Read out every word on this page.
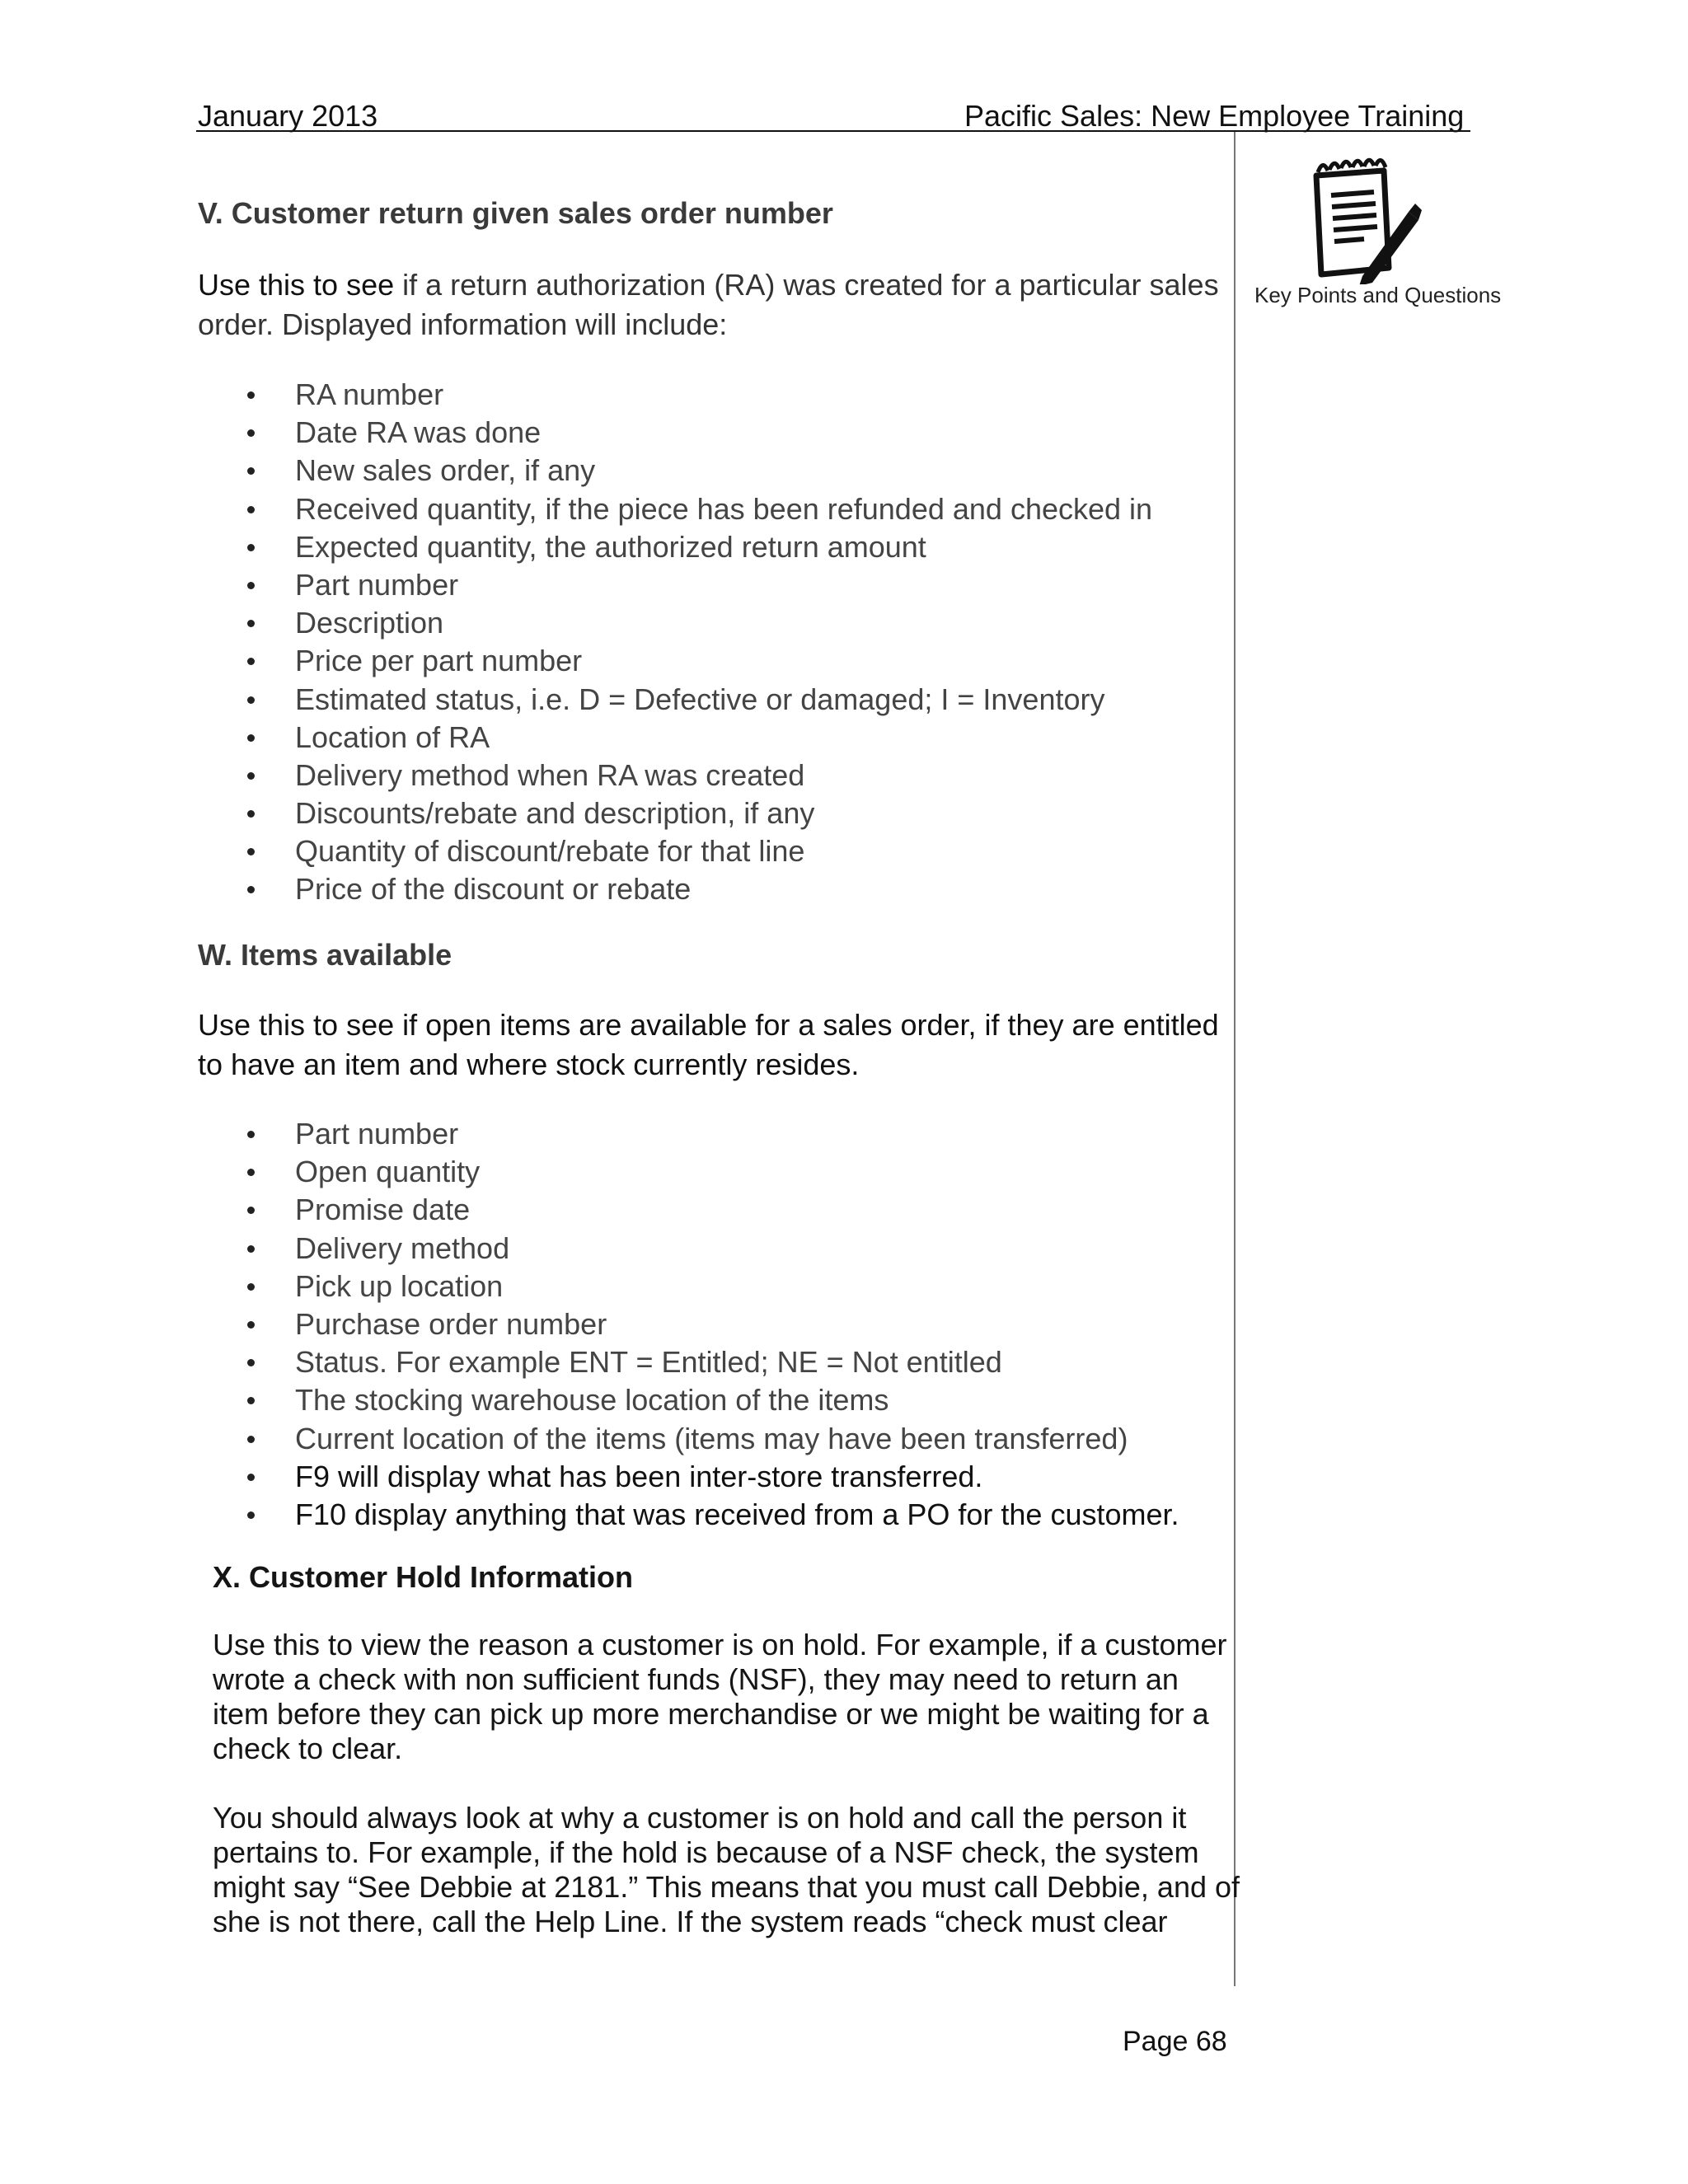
January 2013	Pacific Sales: New Employee Training
Key Points and Questions
V. Customer return given sales order number
Use this to see if a return authorization (RA) was created for a particular sales order. Displayed information will include:
RA number
Date RA was done
New sales order, if any
Received quantity, if the piece has been refunded and checked in
Expected quantity, the authorized return amount
Part number
Description
Price per part number
Estimated status, i.e. D = Defective or damaged; I = Inventory
Location of RA
Delivery method when RA was created
Discounts/rebate and description, if any
Quantity of discount/rebate for that line
Price of the discount or rebate
W. Items available
Use this to see if open items are available for a sales order, if they are entitled to have an item and where stock currently resides.
Part number
Open quantity
Promise date
Delivery method
Pick up location
Purchase order number
Status. For example ENT = Entitled; NE = Not entitled
The stocking warehouse location of the items
Current location of the items (items may have been transferred)
F9 will display what has been inter-store transferred.
F10 display anything that was received from a PO for the customer.
X. Customer Hold Information
Use this to view the reason a customer is on hold. For example, if a customer wrote a check with non sufficient funds (NSF), they may need to return an item before they can pick up more merchandise or we might be waiting for a check to clear.
You should always look at why a customer is on hold and call the person it pertains to. For example, if the hold is because of a NSF check, the system might say “See Debbie at 2181.” This means that you must call Debbie, and of she is not there, call the Help Line. If the system reads “check must clear
Page 68
